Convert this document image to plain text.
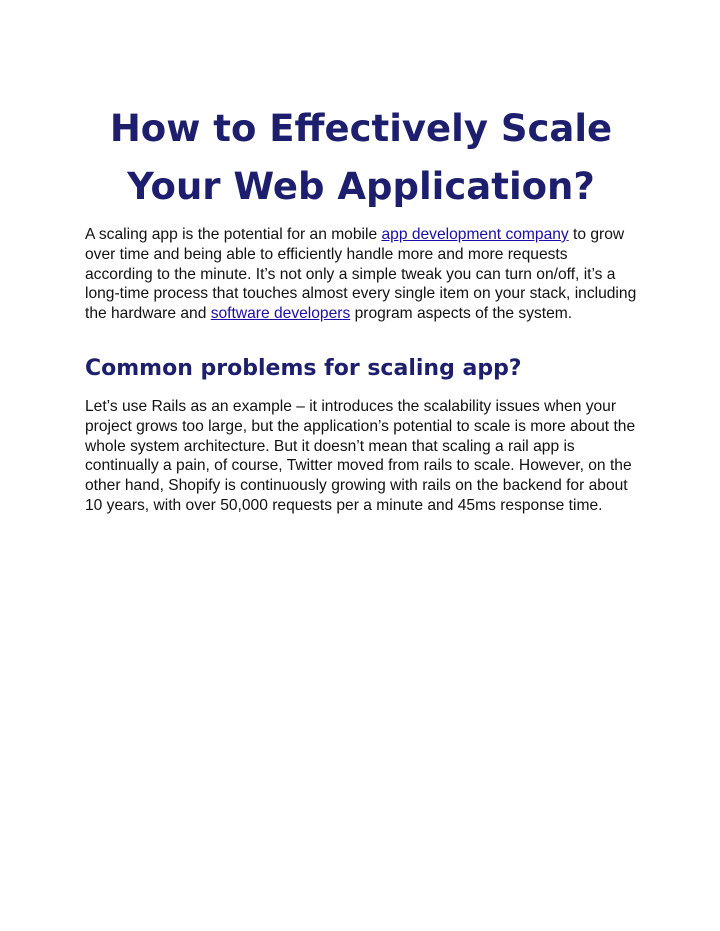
How to Effectively Scale
Your Web Application?

A scaling app is the potential for an mobile app development company to grow over time and being able to efficiently handle more and more requests according to the minute. It’s not only a simple tweak you can turn on/off, it’s a long-time process that touches almost every single item on your stack, including the hardware and software developers program aspects of the system.

Common problems for scaling app?

Let’s use Rails as an example – it introduces the scalability issues when your project grows too large, but the application’s potential to scale is more about the whole system architecture. But it doesn’t mean that scaling a rail app is continually a pain, of course, Twitter moved from rails to scale. However, on the other hand, Shopify is continuously growing with rails on the backend for about 10 years, with over 50,000 requests per a minute and 45ms response time.
